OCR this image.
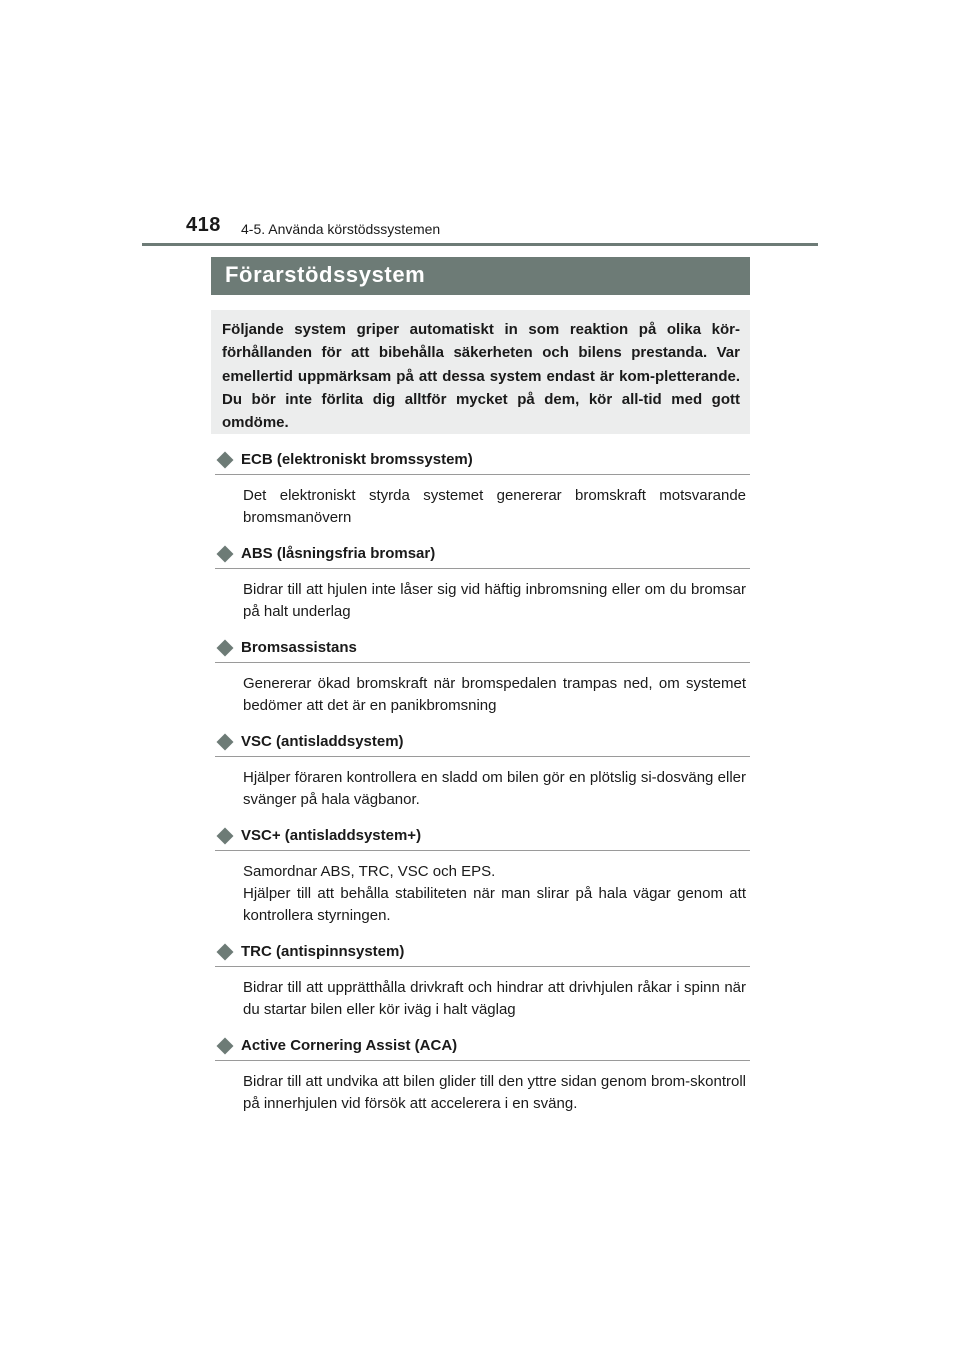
418 4-5. Använda körstödssystemen
Förarstödssystem

Följande system griper automatiskt in som reaktion på olika kör-förhållanden för att bibehålla säkerheten och bilens prestanda. Var emellertid uppmärksam på att dessa system endast är kom-pletterande. Du bör inte förlita dig alltför mycket på dem, kör all-tid med gott omdöme.

ECB (elektroniskt bromssystem)

Det elektroniskt styrda systemet genererar bromskraft motsvarande bromsmanövern

ABS (låsningsfria bromsar)

Bidrar till att hjulen inte låser sig vid häftig inbromsning eller om du bromsar på halt underlag

Bromsassistans

Genererar ökad bromskraft när bromspedalen trampas ned, om systemet bedömer att det är en panikbromsning

VSC (antisladdsystem)

Hjälper föraren kontrollera en sladd om bilen gör en plötslig si-dosväng eller svänger på hala vägbanor.

VSC+ (antisladdsystem+)
Samordnar ABS, TRC, VSC och EPS.
Hjälper till att behålla stabiliteten när man slirar på hala vägar genom att kontrollera styrningen.
TRC (antispinnsystem)

Bidrar till att upprätthålla drivkraft och hindrar att drivhjulen råkar i spinn när du startar bilen eller kör iväg i halt väglag

Active Cornering Assist (ACA)

Bidrar till att undvika att bilen glider till den yttre sidan genom brom-skontroll på innerhjulen vid försök att accelerera i en sväng.
